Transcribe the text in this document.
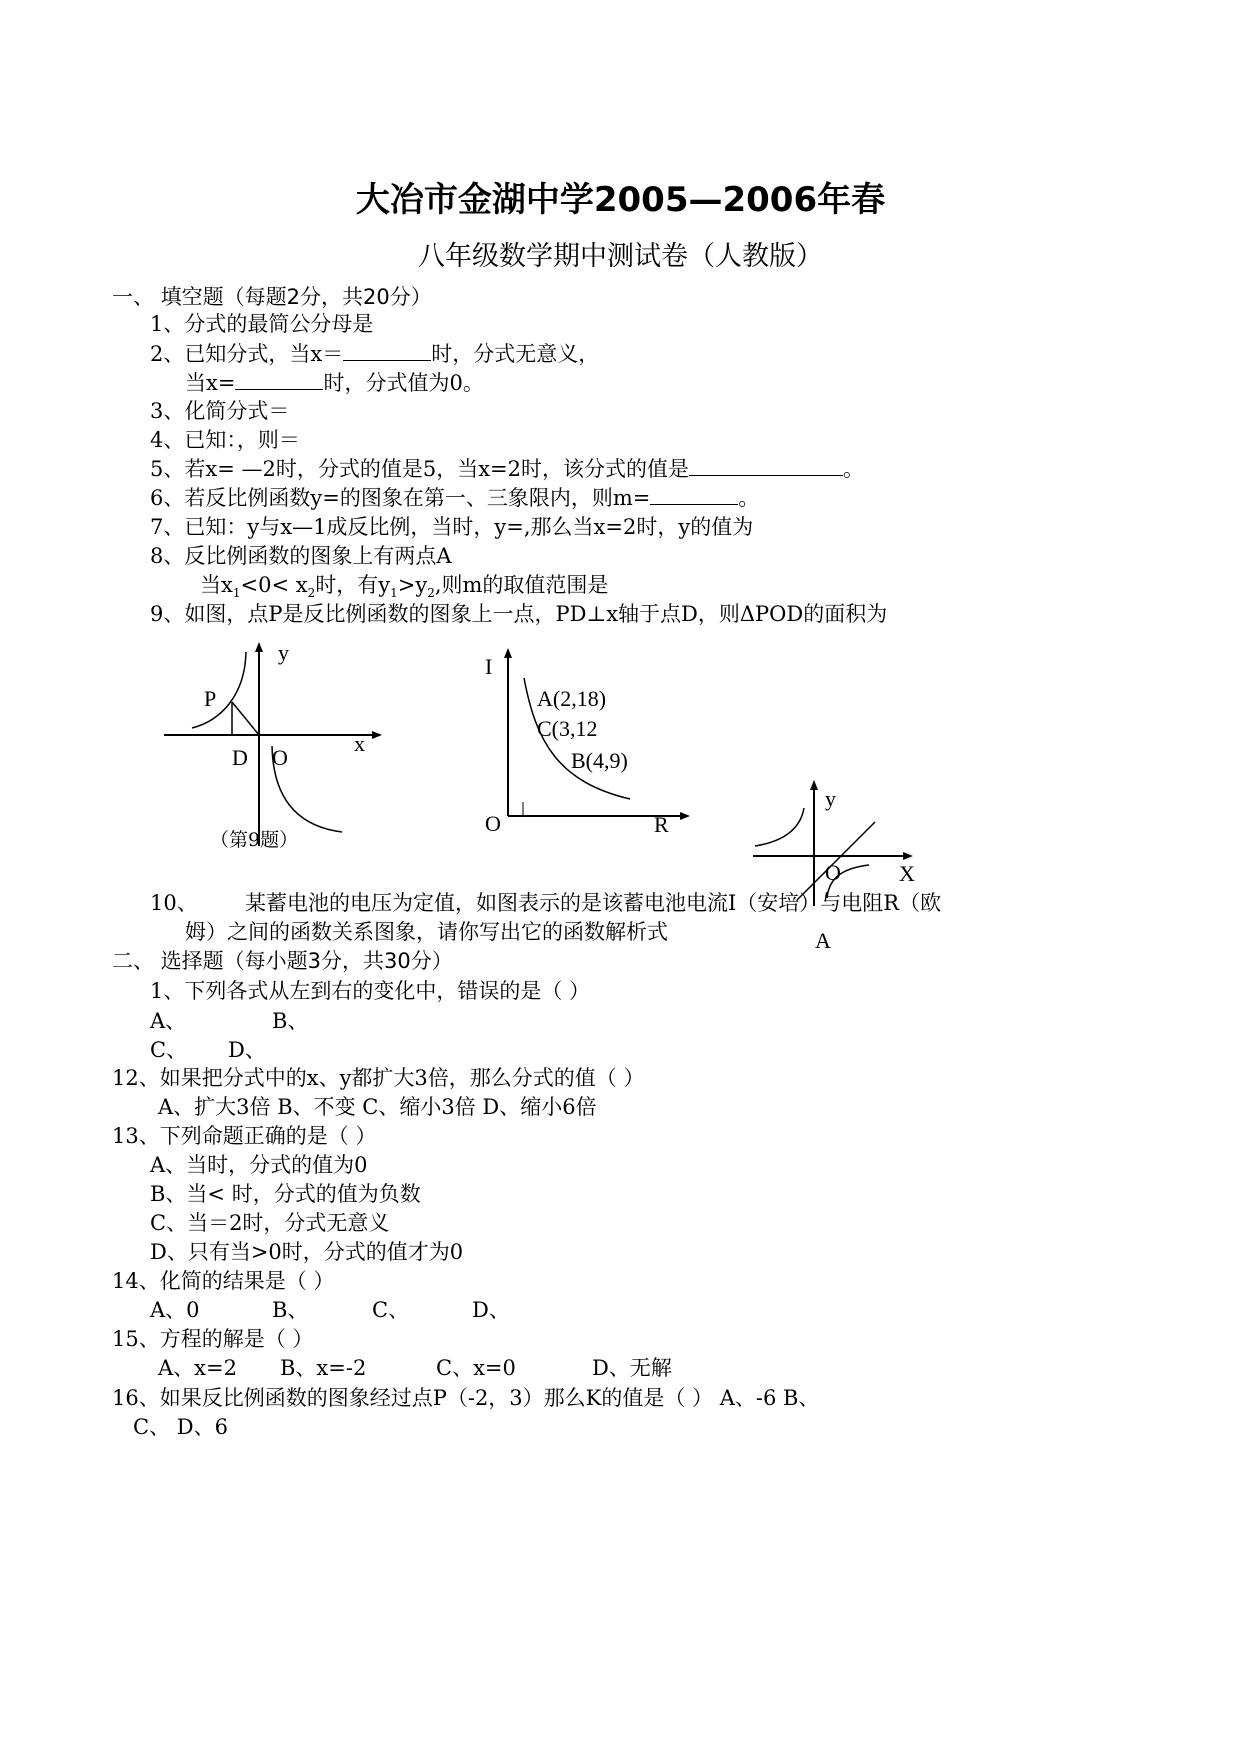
大冶市金湖中学2005—2006年春
八年级数学期中测试卷（人教版）
一、 填空题（每题2分，共20分）
1、分式的最简公分母是
2、已知分式，当x＝	时，分式无意义，
当x=	时，分式值为0。
3、化简分式＝
4、已知：，则＝
5、若x= —2时，分式的值是5，当x=2时，该分式的值是	。
6、若反比例函数y=的图象在第一、三象限内，则m=	。
7、已知：y与x—1成反比例，当时，y=,那么当x=2时，y的值为
8、反比例函数的图象上有两点A
当$x_1<0< x_2$时，有$y_1>y_2$,则m的取值范围是
9、如图，点P是反比例函数的图象上一点，PD⊥x轴于点D，则ΔPOD的面积为
y
x
P
D O
（第9题）
I
A(2,18)
C(3,12
B(4,9)
O	R
y
X
O
A
10、 某蓄电池的电压为定值，如图表示的是该蓄电池电流I（安培）与电阻R（欧
姆）之间的函数关系图象，请你写出它的函数解析式
二、 选择题（每小题3分，共30分）
1、下列各式从左到右的变化中，错误的是（ ）
A、	B、
C、 D、
12、如果把分式中的x、y都扩大3倍，那么分式的值（ ）
A、扩大3倍 B、不变 C、缩小3倍 D、缩小6倍
13、下列命题正确的是（ ）
A、当时，分式的值为0
B、当< 时，分式的值为负数
C、当＝2时，分式无意义
D、只有当>0时，分式的值才为0
14、化简的结果是（ ）
A、0	B、	C、	D、
15、方程的解是（ ）
A、x=2 B、x=-2	C、x=0	D、无解
16、如果反比例函数的图象经过点P（-2，3）那么K的值是（ ） A、-6 B、
C、 D、6
